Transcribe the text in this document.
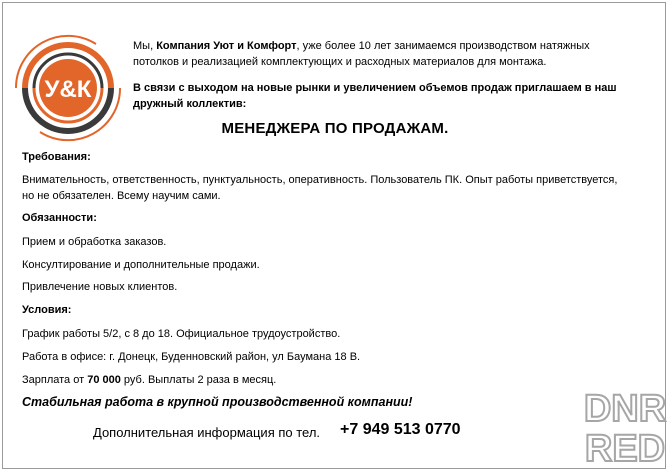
У&К
Мы, Компания Уют и Комфорт, уже более 10 лет занимаемся производством натяжных
потолков и реализацией комплектующих и расходных материалов для монтажа.
В связи с выходом на новые рынки и увеличением объемов продаж приглашаем в наш
дружный коллектив:
МЕНЕДЖЕРА ПО ПРОДАЖАМ.
Требования:
Внимательность, ответственность, пунктуальность, оперативность. Пользователь ПК. Опыт работы приветствуется,
но не обязателен. Всему научим сами.
Обязанности:
Прием и обработка заказов.
Консултирование и дополнительные продажи.
Привлечение новых клиентов.
Условия:
График работы 5/2, с 8 до 18. Официальное трудоустройство.
Работа в офисе: г. Донецк, Буденновский район, ул Баумана 18 В.
Зарплата от 70 000 руб. Выплаты 2 раза в месяц.
Стабильная работа в крупной производственной компании!
Дополнительная информация по тел. +7 949 513 0770	DNR
RED
